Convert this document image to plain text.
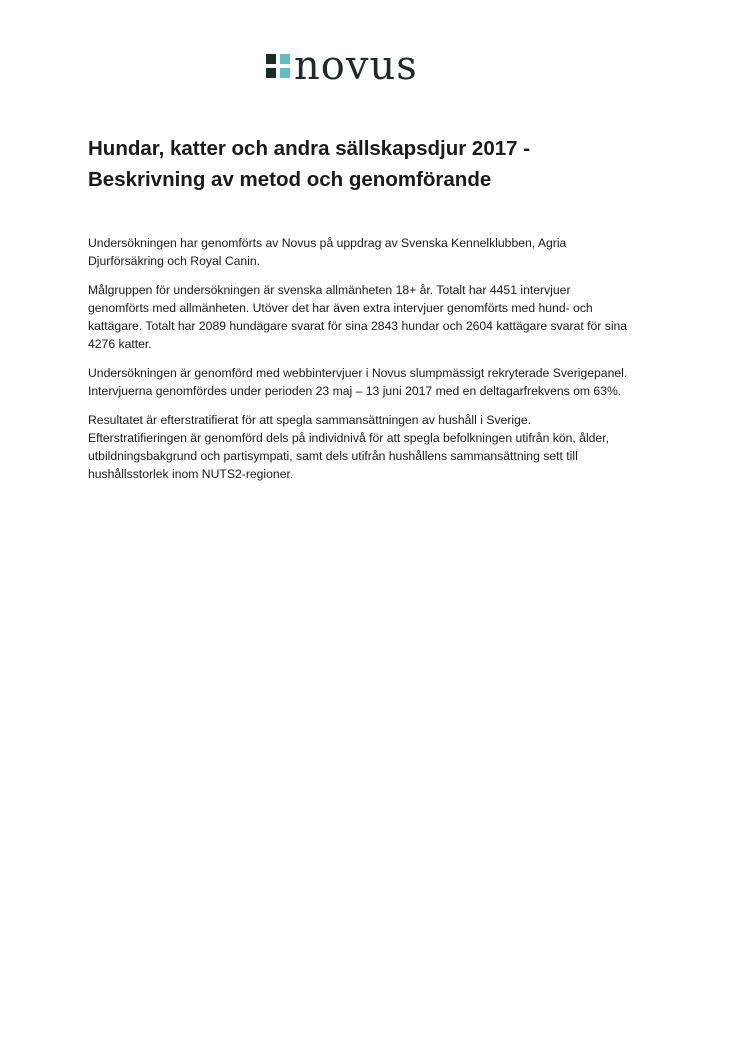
novus
Hundar, katter och andra sällskapsdjur 2017 -
Beskrivning av metod och genomförande

Undersökningen har genomförts av Novus på uppdrag av Svenska Kennelklubben, Agria
Djurförsäkring och Royal Canin.

Målgruppen för undersökningen är svenska allmänheten 18+ år. Totalt har 4451 intervjuer
genomförts med allmänheten. Utöver det har även extra intervjuer genomförts med hund- och
kattägare. Totalt har 2089 hundägare svarat för sina 2843 hundar och 2604 kattägare svarat för sina
4276 katter.

Undersökningen är genomförd med webbintervjuer i Novus slumpmässigt rekryterade Sverigepanel.
Intervjuerna genomfördes under perioden 23 maj – 13 juni 2017 med en deltagarfrekvens om 63%.

Resultatet är efterstratifierat för att spegla sammansättningen av hushåll i Sverige.
Efterstratifieringen är genomförd dels på individnivå för att spegla befolkningen utifrån kön, ålder,
utbildningsbakgrund och partisympati, samt dels utifrån hushållens sammansättning sett till
hushållsstorlek inom NUTS2-regioner.
